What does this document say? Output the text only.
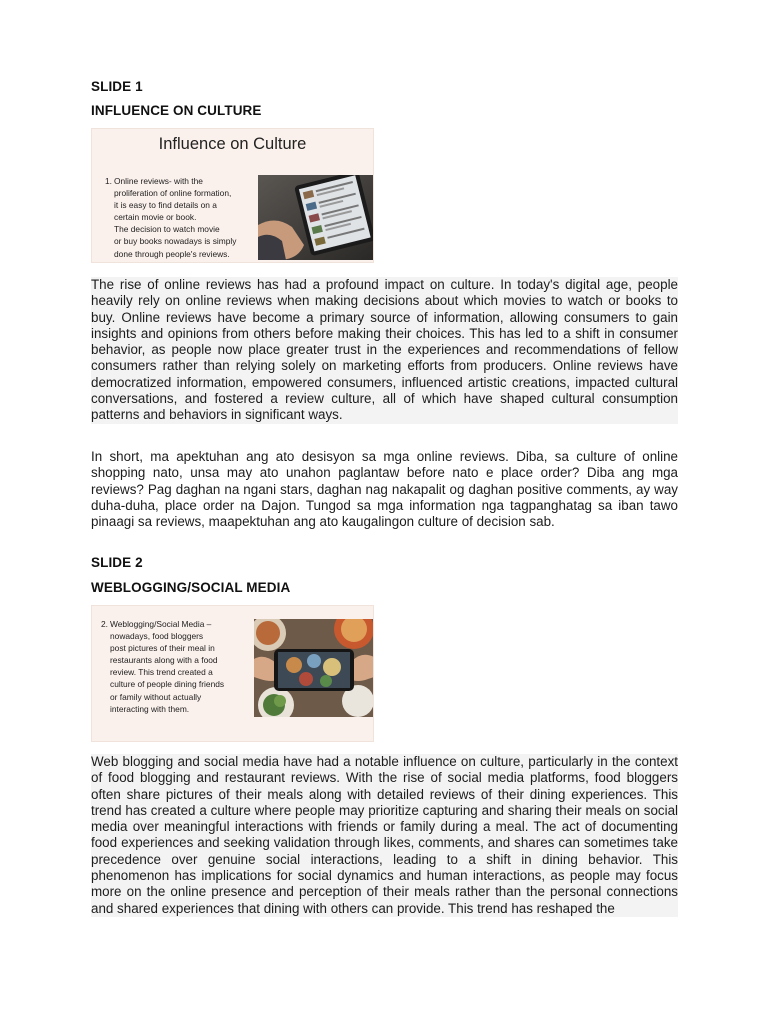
SLIDE 1
INFLUENCE ON CULTURE
Influence on Culture
1. Online reviews- with the
proliferation of online formation,
it is easy to find details on a
certain movie or book.
The decision to watch movie
or buy books nowadays is simply
done through people's reviews.
The rise of online reviews has had a profound impact on culture. In today's digital age, people heavily rely on online reviews when making decisions about which movies to watch or books to buy. Online reviews have become a primary source of information, allowing consumers to gain insights and opinions from others before making their choices. This has led to a shift in consumer behavior, as people now place greater trust in the experiences and recommendations of fellow consumers rather than relying solely on marketing efforts from producers. Online reviews have democratized information, empowered consumers, influenced artistic creations, impacted cultural conversations, and fostered a review culture, all of which have shaped cultural consumption patterns and behaviors in significant ways.
In short, ma apektuhan ang ato desisyon sa mga online reviews. Diba, sa culture of online shopping nato, unsa may ato unahon paglantaw before nato e place order? Diba ang mga reviews? Pag daghan na ngani stars, daghan nag nakapalit og daghan positive comments, ay way duha-duha, place order na Dajon. Tungod sa mga information nga tagpanghatag sa iban tawo pinaagi sa reviews, maapektuhan ang ato kaugalingon culture of decision sab.
SLIDE 2
WEBLOGGING/SOCIAL MEDIA
2. Weblogging/Social Media –
nowadays, food bloggers
post pictures of their meal in
restaurants along with a food
review. This trend created a
culture of people dining friends
or family without actually
interacting with them.
Web blogging and social media have had a notable influence on culture, particularly in the context of food blogging and restaurant reviews. With the rise of social media platforms, food bloggers often share pictures of their meals along with detailed reviews of their dining experiences. This trend has created a culture where people may prioritize capturing and sharing their meals on social media over meaningful interactions with friends or family during a meal. The act of documenting food experiences and seeking validation through likes, comments, and shares can sometimes take precedence over genuine social interactions, leading to a shift in dining behavior. This phenomenon has implications for social dynamics and human interactions, as people may focus more on the online presence and perception of their meals rather than the personal connections and shared experiences that dining with others can provide. This trend has reshaped the
